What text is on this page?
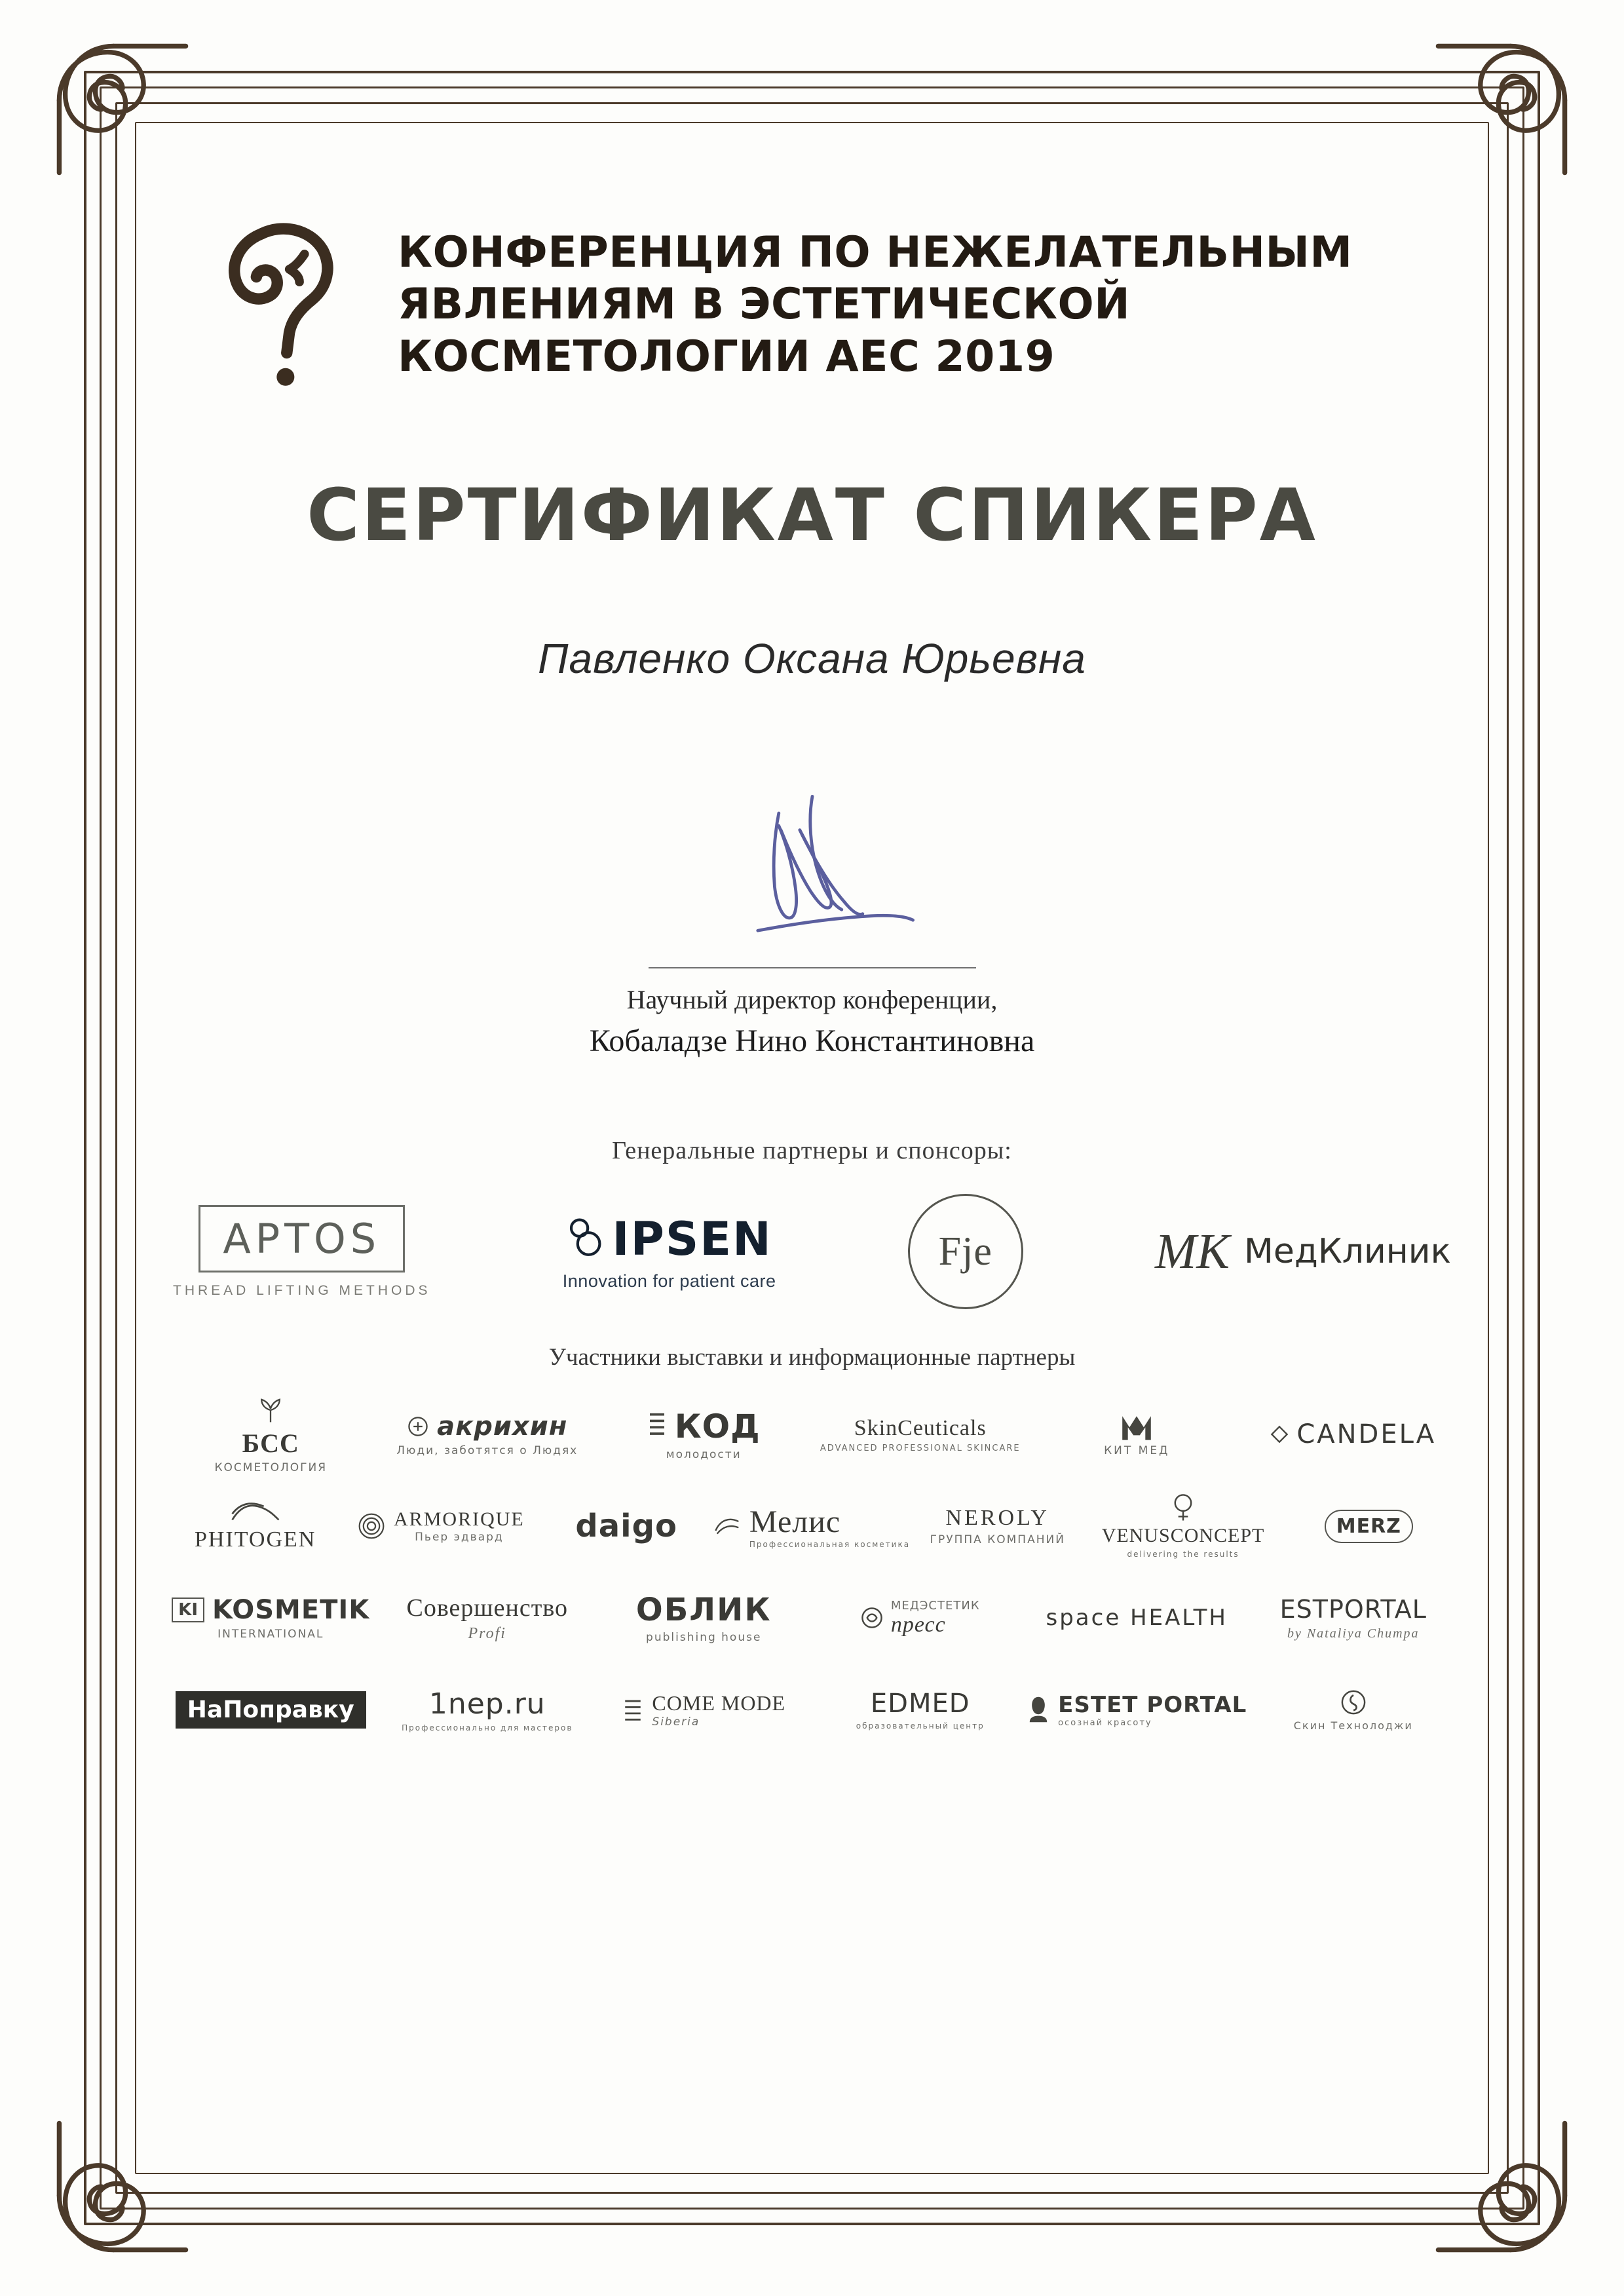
КОНФЕРЕНЦИЯ ПО НЕЖЕЛАТЕЛЬНЫМ ЯВЛЕНИЯМ В ЭСТЕТИЧЕСКОЙ КОСМЕТОЛОГИИ АЕС 2019
СЕРТИФИКАТ СПИКЕРА
Павленко Оксана Юрьевна
Научный директор конференции,
Кобаладзе Нино Константиновна
Генеральные партнеры и спонсоры:
APTOS
THREAD LIFTING METHODS
IPSEN
Innovation for patient care
Fje	MK МедКлиник
Участники выставки и информационные партнеры
БCC
КОСМЕТОЛОГИЯ
акрихин
Люди, заботятся о Людях
КОД
молодости
SkinCeuticals
ADVANCED PROFESSIONAL SKINCARE	КИТ МЕД
CANDELA
PHITOGEN
ARMORIQUE
Пьер эдвард daigo Мелис
Профессиональная косметика
NEROLY
ГРУППА КОМПАНИЙ VENUSCONCEPT
delivering the results
MERZ
KI KOSMETIK
INTERNATIONAL
Совершенство
Profi
ОБЛИК
publishing house
МЕДЭСТЕТИК
пресс	space HEALTH ESTPORTAL
by Nataliya Chumpa
НаПоправку	1nep.ru
Профессионально для мастеров
COME MODE
Siberia
EDMED
образовательный центр
ESTET PORTAL
осознай красоту	Скин Технолоджи
